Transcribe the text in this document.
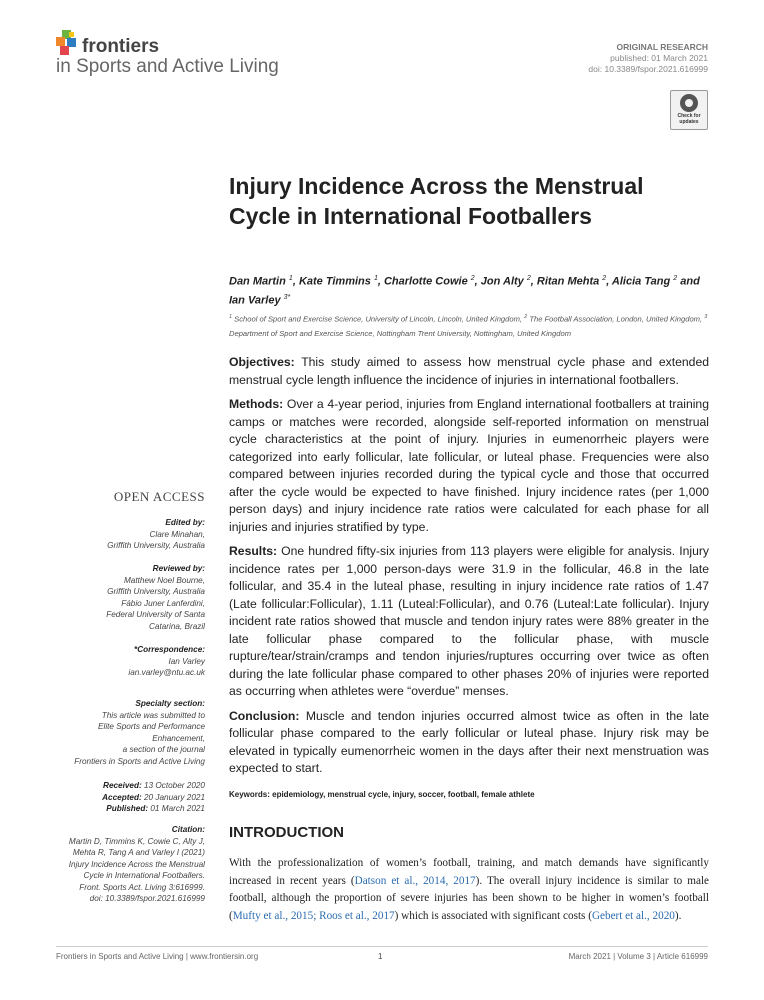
frontiers
in Sports and Active Living
ORIGINAL RESEARCH
published: 01 March 2021
doi: 10.3389/fspor.2021.616999
Check for
updates
Injury Incidence Across the Menstrual Cycle in International Footballers
Dan Martin $^1$, Kate Timmins $^1$, Charlotte Cowie $^2$, Jon Alty $^2$, Ritan Mehta $^2$, Alicia Tang $^2$ and Ian Varley $^{3*}$
$^1$ School of Sport and Exercise Science, University of Lincoln, Lincoln, United Kingdom, $^2$ The Football Association, London, United Kingdom, $^3$ Department of Sport and Exercise Science, Nottingham Trent University, Nottingham, United Kingdom

Objectives: This study aimed to assess how menstrual cycle phase and extended menstrual cycle length influence the incidence of injuries in international footballers.

Methods: Over a 4-year period, injuries from England international footballers at training camps or matches were recorded, alongside self-reported information on menstrual cycle characteristics at the point of injury. Injuries in eumenorrheic players were categorized into early follicular, late follicular, or luteal phase. Frequencies were also compared between injuries recorded during the typical cycle and those that occurred after the cycle would be expected to have finished. Injury incidence rates (per 1,000 person days) and injury incidence rate ratios were calculated for each phase for all injuries and injuries stratified by type.

Results: One hundred fifty-six injuries from 113 players were eligible for analysis. Injury incidence rates per 1,000 person-days were 31.9 in the follicular, 46.8 in the late follicular, and 35.4 in the luteal phase, resulting in injury incidence rate ratios of 1.47 (Late follicular:Follicular), 1.11 (Luteal:Follicular), and 0.76 (Luteal:Late follicular). Injury incident rate ratios showed that muscle and tendon injury rates were 88% greater in the late follicular phase compared to the follicular phase, with muscle rupture/tear/strain/cramps and tendon injuries/ruptures occurring over twice as often during the late follicular phase compared to other phases 20% of injuries were reported as occurring when athletes were “overdue” menses.

Conclusion: Muscle and tendon injuries occurred almost twice as often in the late follicular phase compared to the early follicular or luteal phase. Injury risk may be elevated in typically eumenorrheic women in the days after their next menstruation was expected to start.

Keywords: epidemiology, menstrual cycle, injury, soccer, football, female athlete
OPEN ACCESS
Edited by:
Clare Minahan,
Griffith University, Australia
Reviewed by:
Matthew Noel Bourne,
Griffith University, Australia
Fábio Juner Lanferdini,
Federal University of Santa
Catarina, Brazil
*Correspondence:
Ian Varley
ian.varley@ntu.ac.uk
Specialty section:
This article was submitted to
Elite Sports and Performance
Enhancement,
a section of the journal
Frontiers in Sports and Active Living
Received: 13 October 2020
Accepted: 20 January 2021
Published: 01 March 2021
Citation:
Martin D, Timmins K, Cowie C, Alty J,
Mehta R, Tang A and Varley I (2021)
Injury Incidence Across the Menstrual
Cycle in International Footballers.
Front. Sports Act. Living 3:616999.
doi: 10.3389/fspor.2021.616999
INTRODUCTION
With the professionalization of women’s football, training, and match demands have significantly increased in recent years (Datson et al., 2014, 2017). The overall injury incidence is similar to male football, although the proportion of severe injuries has been shown to be higher in women’s football (Mufty et al., 2015; Roos et al., 2017) which is associated with significant costs (Gebert et al., 2020).
Frontiers in Sports and Active Living | www.frontiersin.org	1	March 2021 | Volume 3 | Article 616999
